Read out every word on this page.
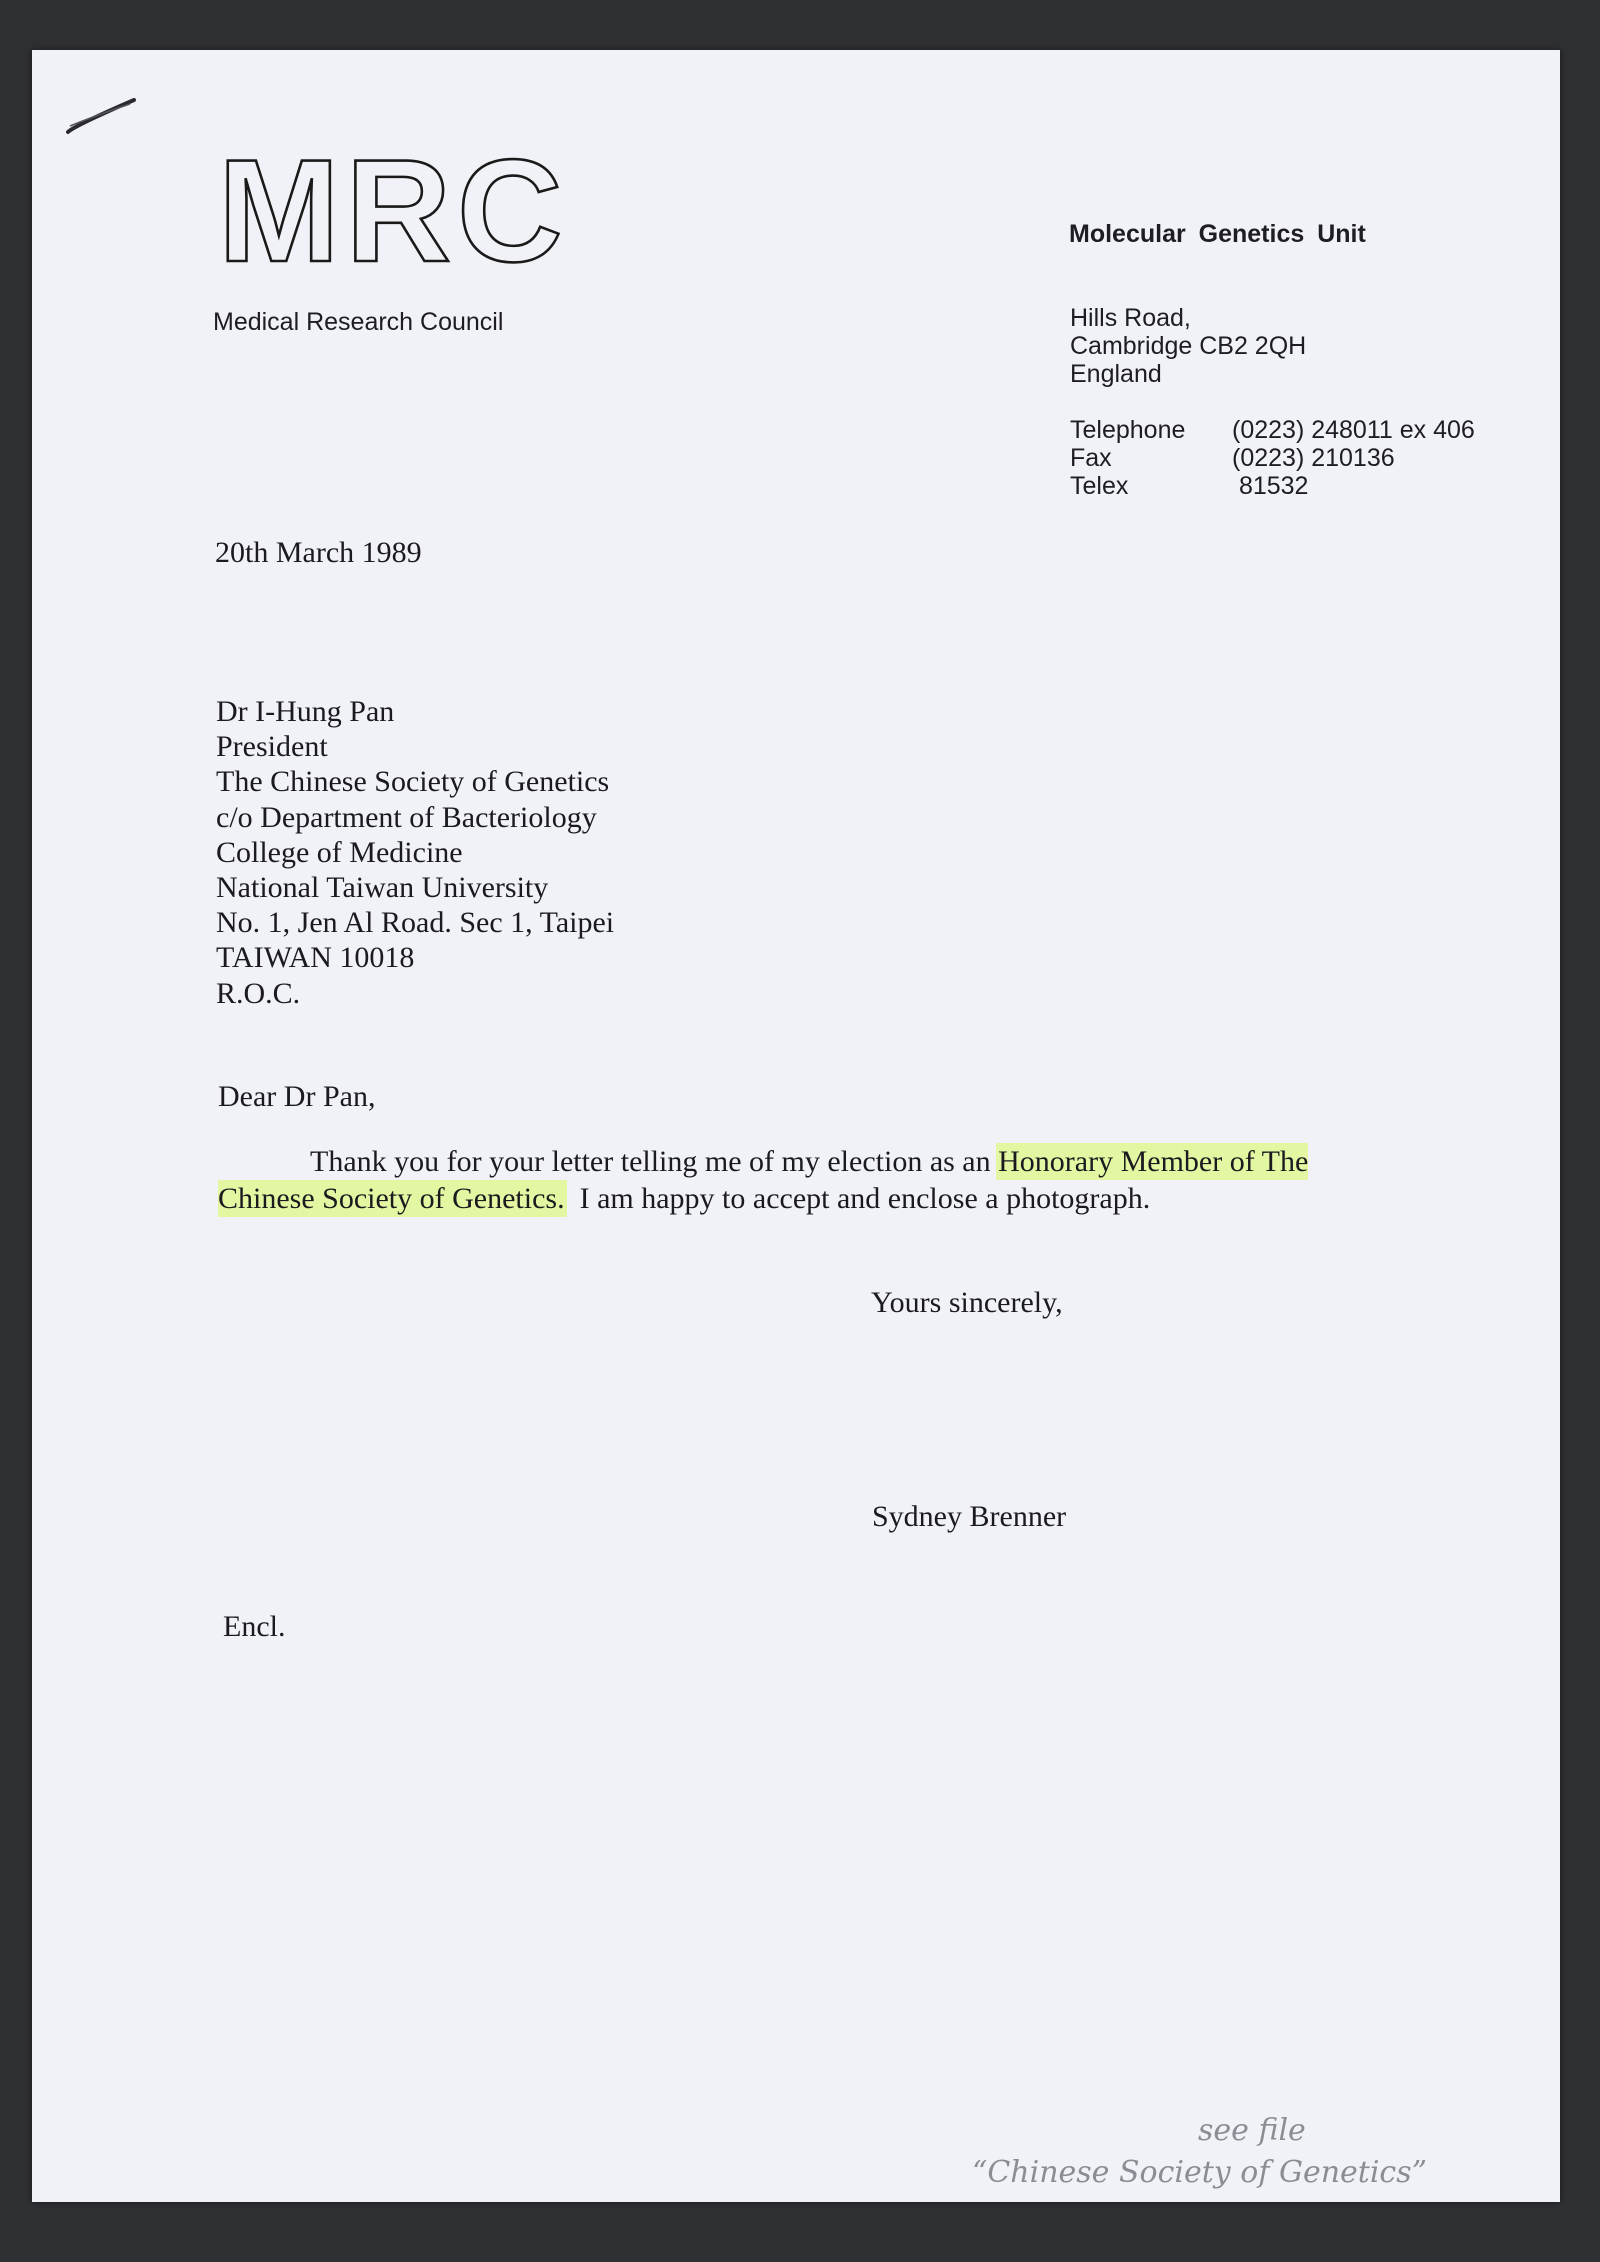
MRC
Medical Research Council
Molecular Genetics Unit
Hills Road,
Cambridge CB2 2QH
England
Telephone	(0223) 248011 ex 406
Fax	(0223) 210136
Telex	81532
20th March 1989
Dr I-Hung Pan
President
The Chinese Society of Genetics
c/o Department of Bacteriology
College of Medicine
National Taiwan University
No. 1, Jen Al Road. Sec 1, Taipei
TAIWAN 10018
R.O.C.
Dear Dr Pan,
Thank you for your letter telling me of my election as an Honorary Member of The Chinese Society of Genetics.  I am happy to accept and enclose a photograph.
Yours sincerely,
Sydney Brenner
Encl.
see file
“Chinese Society of Genetics”
